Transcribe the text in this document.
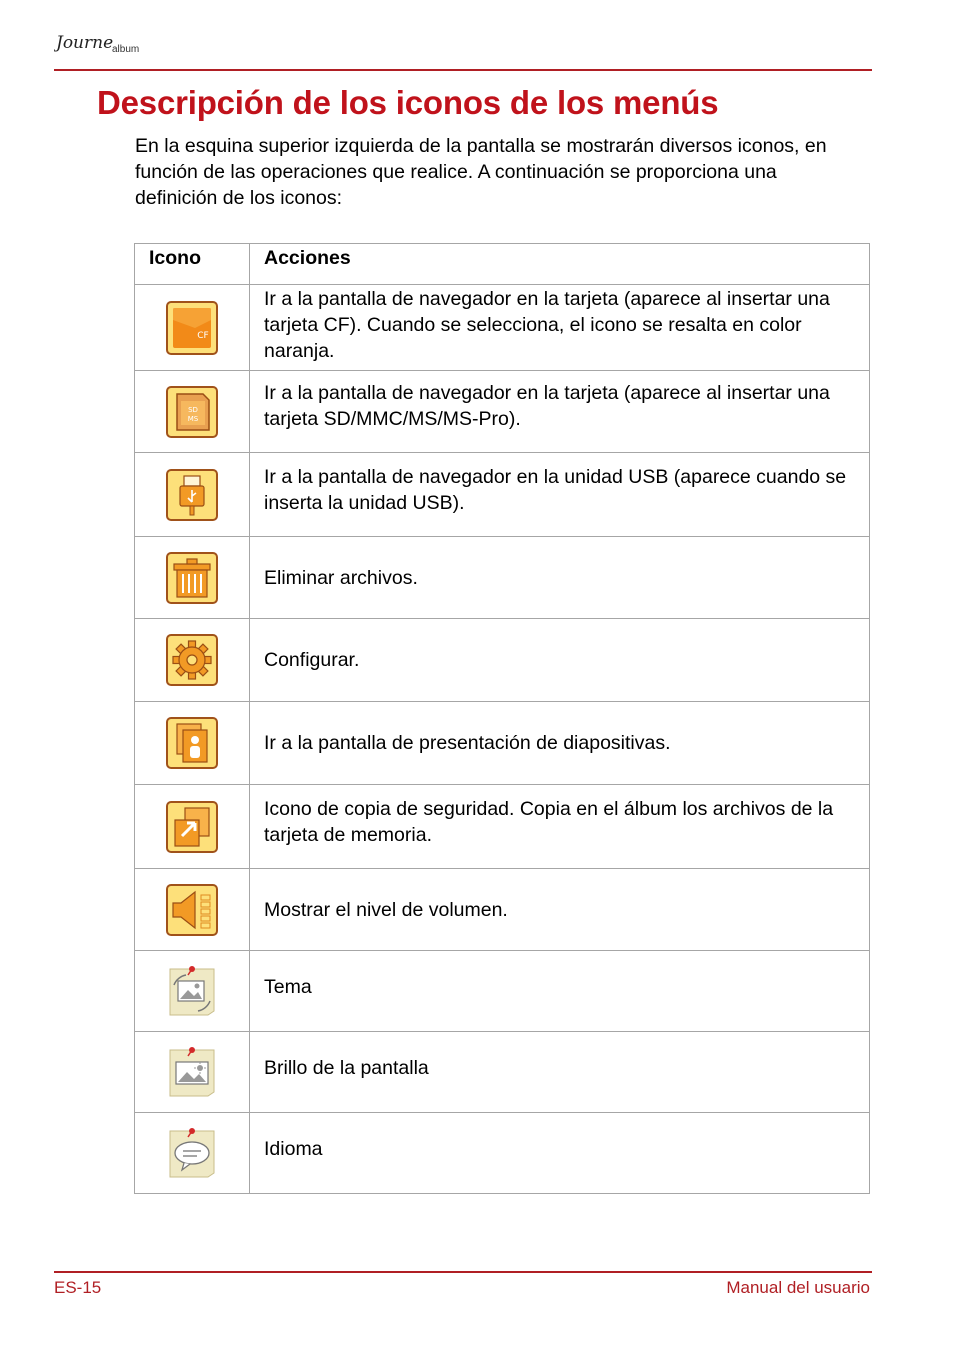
Journe
album
Descripción de los iconos de los menús

En la esquina superior izquierda de la pantalla se mostrarán diversos iconos, en función de las operaciones que realice. A continuación se proporciona una definición de los iconos:

Icono	Acciones

CF	Ir a la pantalla de navegador en la tarjeta (aparece al insertar una tarjeta CF). Cuando se selecciona, el icono se resalta en color naranja.

SD
MS	Ir a la pantalla de navegador en la tarjeta (aparece al insertar una tarjeta SD/MMC/MS/MS-Pro).

	Ir a la pantalla de navegador en la unidad USB (aparece cuando se inserta la unidad USB).

	Eliminar archivos.

	Configurar.

	Ir a la pantalla de presentación de diapositivas.

	Icono de copia de seguridad. Copia en el álbum los archivos de la tarjeta de memoria.

	Mostrar el nivel de volumen.

	Tema

	Brillo de la pantalla

	Idioma
ES-15	Manual del usuario
